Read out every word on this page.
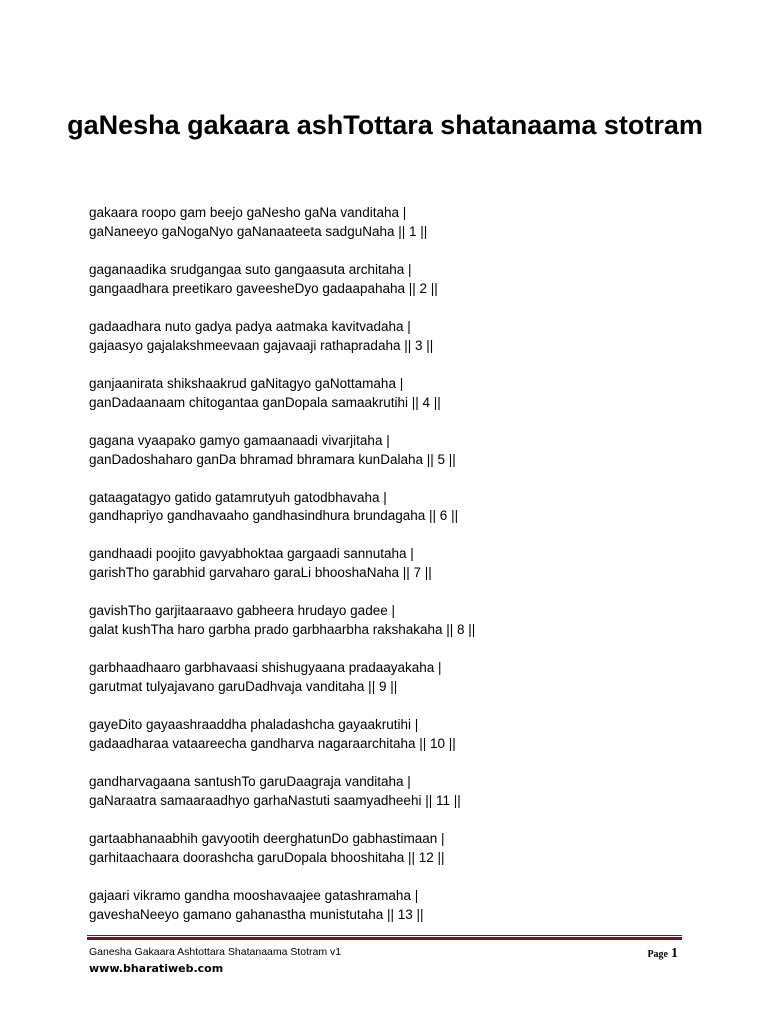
gaNesha gakaara ashTottara shatanaama stotram
gakaara roopo gam beejo gaNesho gaNa vanditaha |
gaNaneeyo gaNogaNyo gaNanaateeta sadguNaha || 1 ||
gaganaadika srudgangaa suto gangaasuta architaha |
gangaadhara preetikaro gaveesheDyo gadaapahaha || 2 ||
gadaadhara nuto gadya padya aatmaka kavitvadaha |
gajaasyo gajalakshmeevaan gajavaaji rathapradaha || 3 ||
ganjaanirata shikshaakrud gaNitagyo gaNottamaha |
ganDadaanaam chitogantaa ganDopala samaakrutihi || 4 ||
gagana vyaapako gamyo gamaanaadi vivarjitaha |
ganDadoshaharo ganDa bhramad bhramara kunDalaha || 5 ||
gataagatagyo gatido gatamrutyuh gatodbhavaha |
gandhapriyo gandhavaaho gandhasindhura brundagaha || 6 ||
gandhaadi poojito gavyabhoktaa gargaadi sannutaha |
garishTho garabhid garvaharo garaLi bhooshaNaha || 7 ||
gavishTho garjitaaraavo gabheera hrudayo gadee |
galat kushTha haro garbha prado garbhaarbha rakshakaha || 8 ||
garbhaadhaaro garbhavaasi shishugyaana pradaayakaha |
garutmat tulyajavano garuDadhvaja vanditaha || 9 ||
gayeDito gayaashraaddha phaladashcha gayaakrutihi |
gadaadharaa vataareecha gandharva nagaraarchitaha || 10 ||
gandharvagaana santushTo garuDaagraja vanditaha |
gaNaraatra samaaraadhyo garhaNastuti saamyadheehi || 11 ||
gartaabhanaabhih gavyootih deerghatunDo gabhastimaan |
garhitaachaara doorashcha garuDopala bhooshitaha || 12 ||
gajaari vikramo gandha mooshavaajee gatashramaha |
gaveshaNeeyo gamano gahanastha munistutaha || 13 ||
Ganesha Gakaara Ashtottara Shatanaama Stotram v1
www.bharatiweb.com
Page 1
